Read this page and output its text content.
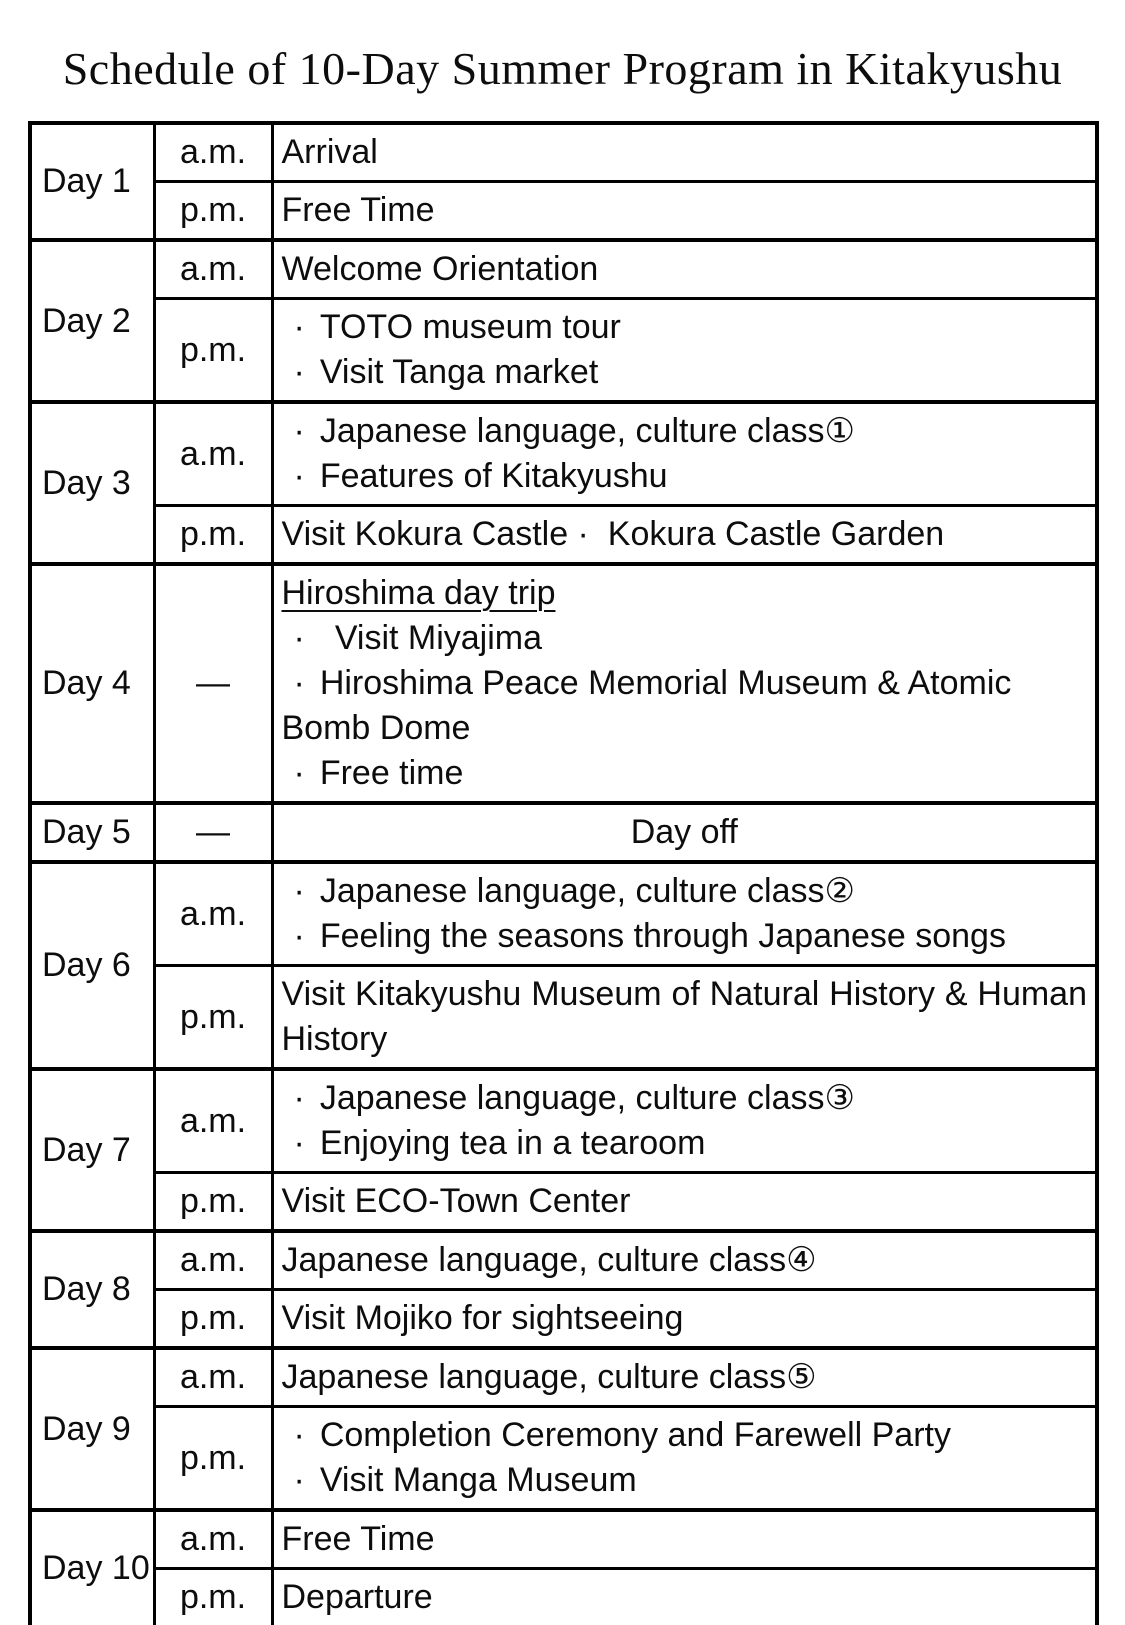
Schedule of 10-Day Summer Program in Kitakyushu
Day 1	a.m.	Arrival

	p.m.	Free Time

Day 2	a.m.	Welcome Orientation

	p.m.	· TOTO museum tour
· Visit Tanga market

Day 3	a.m.	· Japanese language, culture class①
· Features of Kitakyushu

	p.m.	Visit Kokura Castle ·  Kokura Castle Garden

Day 4	—	Hiroshima day trip
· Visit Miyajima
· Hiroshima Peace Memorial Museum & Atomic Bomb Dome
· Free time

Day 5	—	Day off

Day 6	a.m.	· Japanese language, culture class②
· Feeling the seasons through Japanese songs

	p.m.	Visit Kitakyushu Museum of Natural History & Human History

Day 7	a.m.	· Japanese language, culture class③
· Enjoying tea in a tearoom

	p.m.	Visit ECO-Town Center

Day 8	a.m.	Japanese language, culture class④

	p.m.	Visit Mojiko for sightseeing

Day 9	a.m.	Japanese language, culture class⑤

	p.m.	· Completion Ceremony and Farewell Party
· Visit Manga Museum

Day 10	a.m.	Free Time

	p.m.	Departure
